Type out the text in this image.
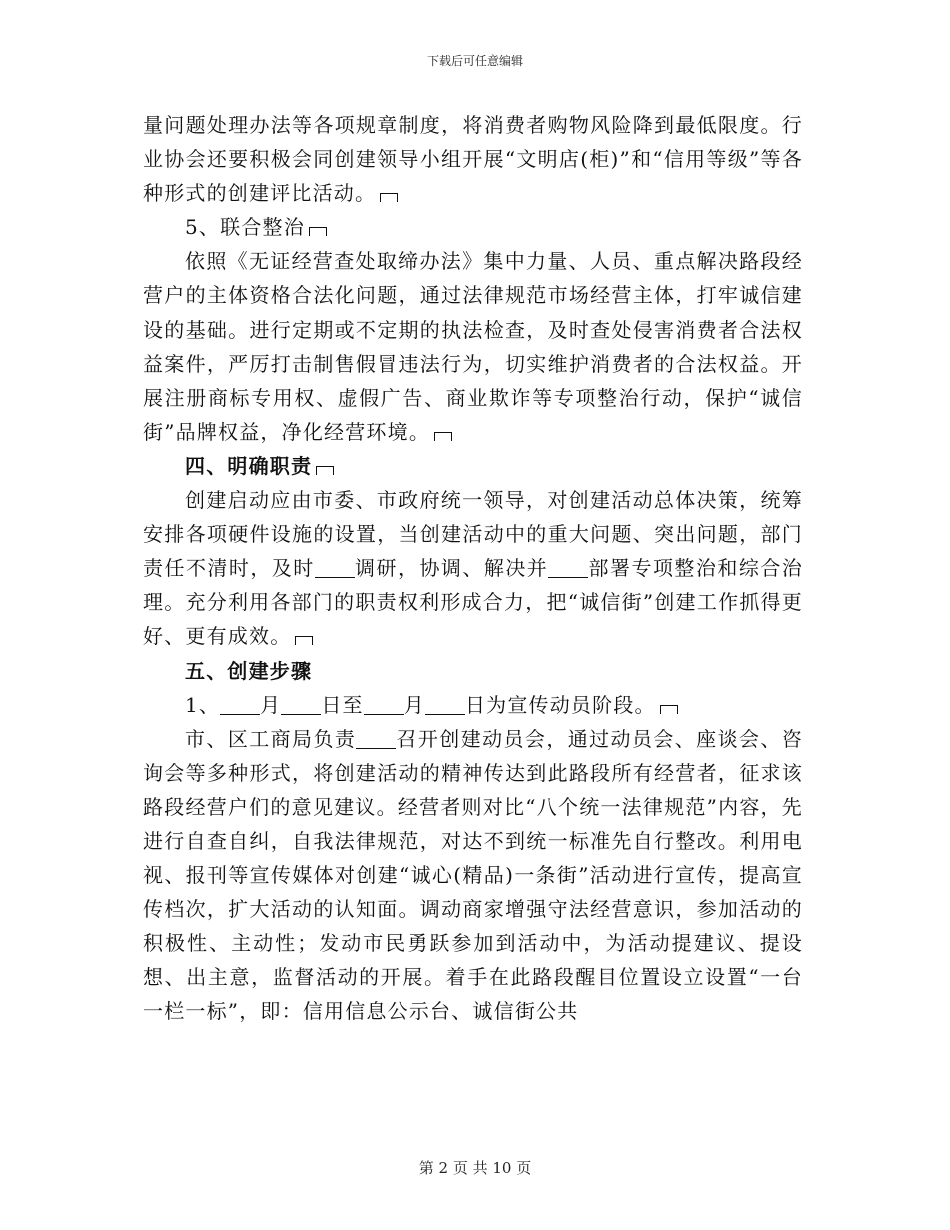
下载后可任意编辑

量问题处理办法等各项规章制度，将消费者购物风险降到最低限度。行业协会还要积极会同创建领导小组开展“文明店(柜)”和“信用等级”等各种形式的创建评比活动。

5、联合整治

依照《无证经营查处取缔办法》集中力量、人员、重点解决路段经营户的主体资格合法化问题，通过法律规范市场经营主体，打牢诚信建设的基础。进行定期或不定期的执法检查，及时查处侵害消费者合法权益案件，严厉打击制售假冒违法行为，切实维护消费者的合法权益。开展注册商标专用权、虚假广告、商业欺诈等专项整治行动，保护“诚信街”品牌权益，净化经营环境。

四、明确职责

创建启动应由市委、市政府统一领导，对创建活动总体决策，统筹安排各项硬件设施的设置，当创建活动中的重大问题、突出问题，部门责任不清时，及时 调研，协调、解决并 部署专项整治和综合治理。充分利用各部门的职责权利形成合力，把“诚信街”创建工作抓得更好、更有成效。

五、创建步骤

1、 月 日至 月 日为宣传动员阶段。

市、区工商局负责 召开创建动员会，通过动员会、座谈会、咨询会等多种形式，将创建活动的精神传达到此路段所有经营者，征求该路段经营户们的意见建议。经营者则对比“八个统一法律规范”内容，先进行自查自纠，自我法律规范，对达不到统一标准先自行整改。利用电视、报刊等宣传媒体对创建“诚心(精品)一条街”活动进行宣传，提高宣传档次，扩大活动的认知面。调动商家增强守法经营意识，参加活动的积极性、主动性；发动市民勇跃参加到活动中，为活动提建议、提设想、出主意，监督活动的开展。着手在此路段醒目位置设立设置“一台一栏一标”，即：信用信息公示台、诚信街公共

第 2 页 共 10 页
